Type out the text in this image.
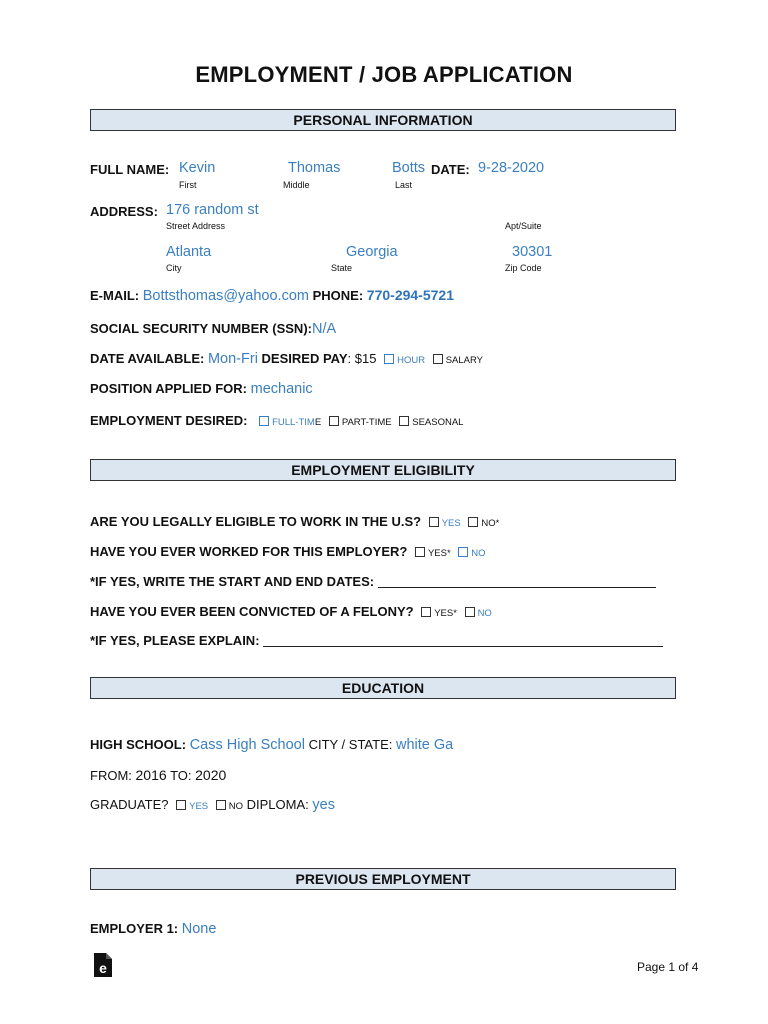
EMPLOYMENT / JOB APPLICATION
PERSONAL INFORMATION
FULL NAME: Kevin	Thomas	Botts DATE: 9-28-2020
First	Middle	Last
ADDRESS: 176 random st
Street Address	Apt/Suite
Atlanta	Georgia	30301
City	State	Zip Code
E-MAIL: Bottsthomas@yahoo.com PHONE: 770-294-5721
SOCIAL SECURITY NUMBER (SSN):N/A
DATE AVAILABLE: Mon-Fri DESIRED PAY: $15 HOUR SALARY
POSITION APPLIED FOR: mechanic
EMPLOYMENT DESIRED:	FULL-TIME PART-TIME SEASONAL
EMPLOYMENT ELIGIBILITY
ARE YOU LEGALLY ELIGIBLE TO WORK IN THE U.S? YES NO*
HAVE YOU EVER WORKED FOR THIS EMPLOYER? YES* NO
*IF YES, WRITE THE START AND END DATES:
HAVE YOU EVER BEEN CONVICTED OF A FELONY? YES* NO
*IF YES, PLEASE EXPLAIN:
EDUCATION
HIGH SCHOOL: Cass High School CITY / STATE: white Ga
FROM: 2016 TO: 2020
GRADUATE? YES NO DIPLOMA: yes
PREVIOUS EMPLOYMENT
EMPLOYER 1: None
e	Page 1 of 4
